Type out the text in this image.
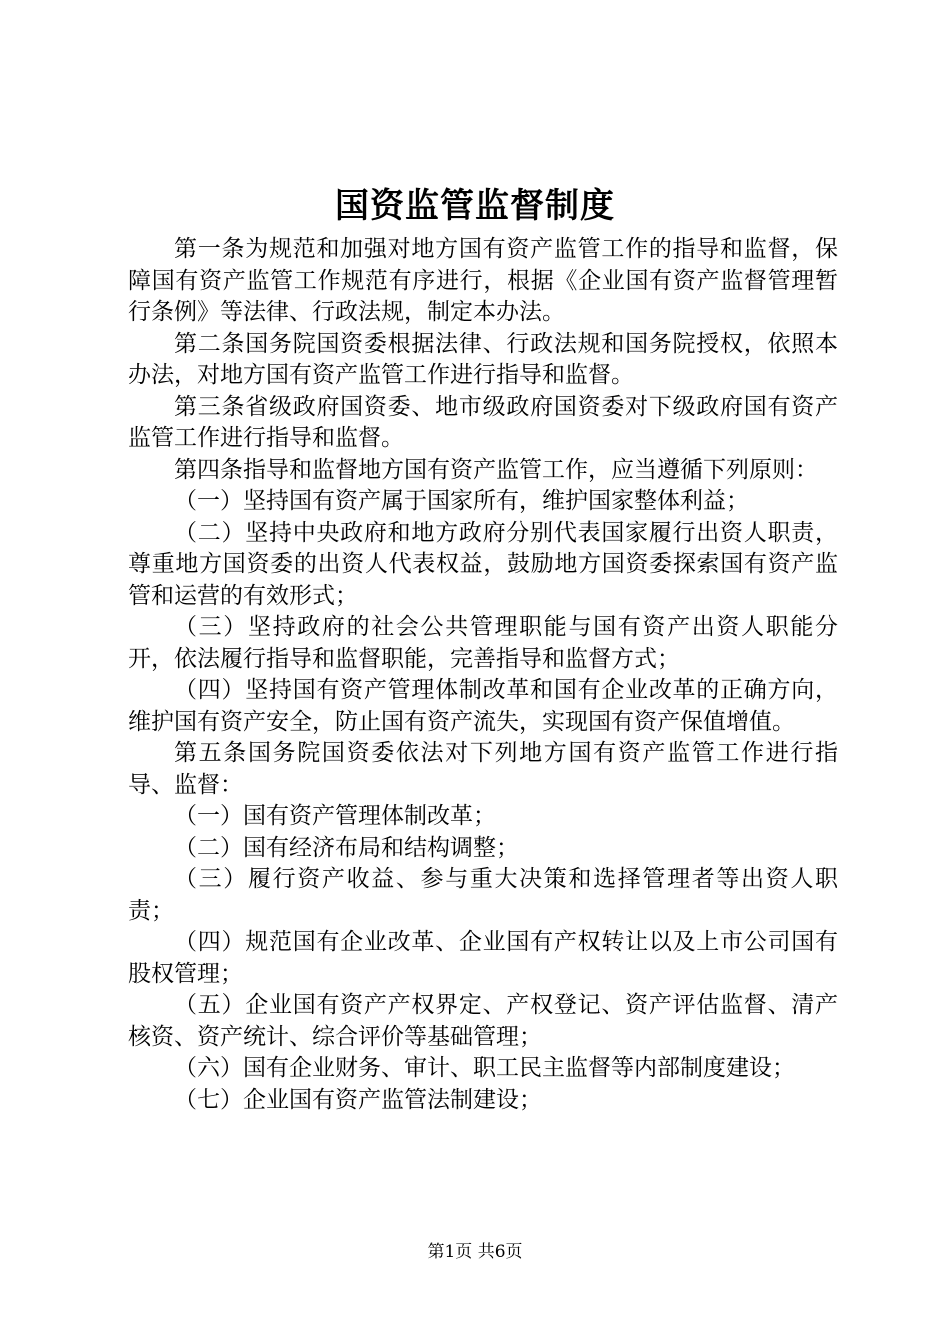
国资监管监督制度

第一条为规范和加强对地方国有资产监管工作的指导和监督，保障国有资产监管工作规范有序进行，根据《企业国有资产监督管理暂行条例》等法律、行政法规，制定本办法。

第二条国务院国资委根据法律、行政法规和国务院授权，依照本办法，对地方国有资产监管工作进行指导和监督。

第三条省级政府国资委、地市级政府国资委对下级政府国有资产监管工作进行指导和监督。

第四条指导和监督地方国有资产监管工作，应当遵循下列原则：

（一）坚持国有资产属于国家所有，维护国家整体利益；

（二）坚持中央政府和地方政府分别代表国家履行出资人职责，尊重地方国资委的出资人代表权益，鼓励地方国资委探索国有资产监管和运营的有效形式；

（三）坚持政府的社会公共管理职能与国有资产出资人职能分开，依法履行指导和监督职能，完善指导和监督方式；

（四）坚持国有资产管理体制改革和国有企业改革的正确方向，维护国有资产安全，防止国有资产流失，实现国有资产保值增值。

第五条国务院国资委依法对下列地方国有资产监管工作进行指导、监督：

（一）国有资产管理体制改革；

（二）国有经济布局和结构调整；

（三）履行资产收益、参与重大决策和选择管理者等出资人职责；

（四）规范国有企业改革、企业国有产权转让以及上市公司国有股权管理；

（五）企业国有资产产权界定、产权登记、资产评估监督、清产核资、资产统计、综合评价等基础管理；

（六）国有企业财务、审计、职工民主监督等内部制度建设；

（七）企业国有资产监管法制建设；

第1页 共6页
